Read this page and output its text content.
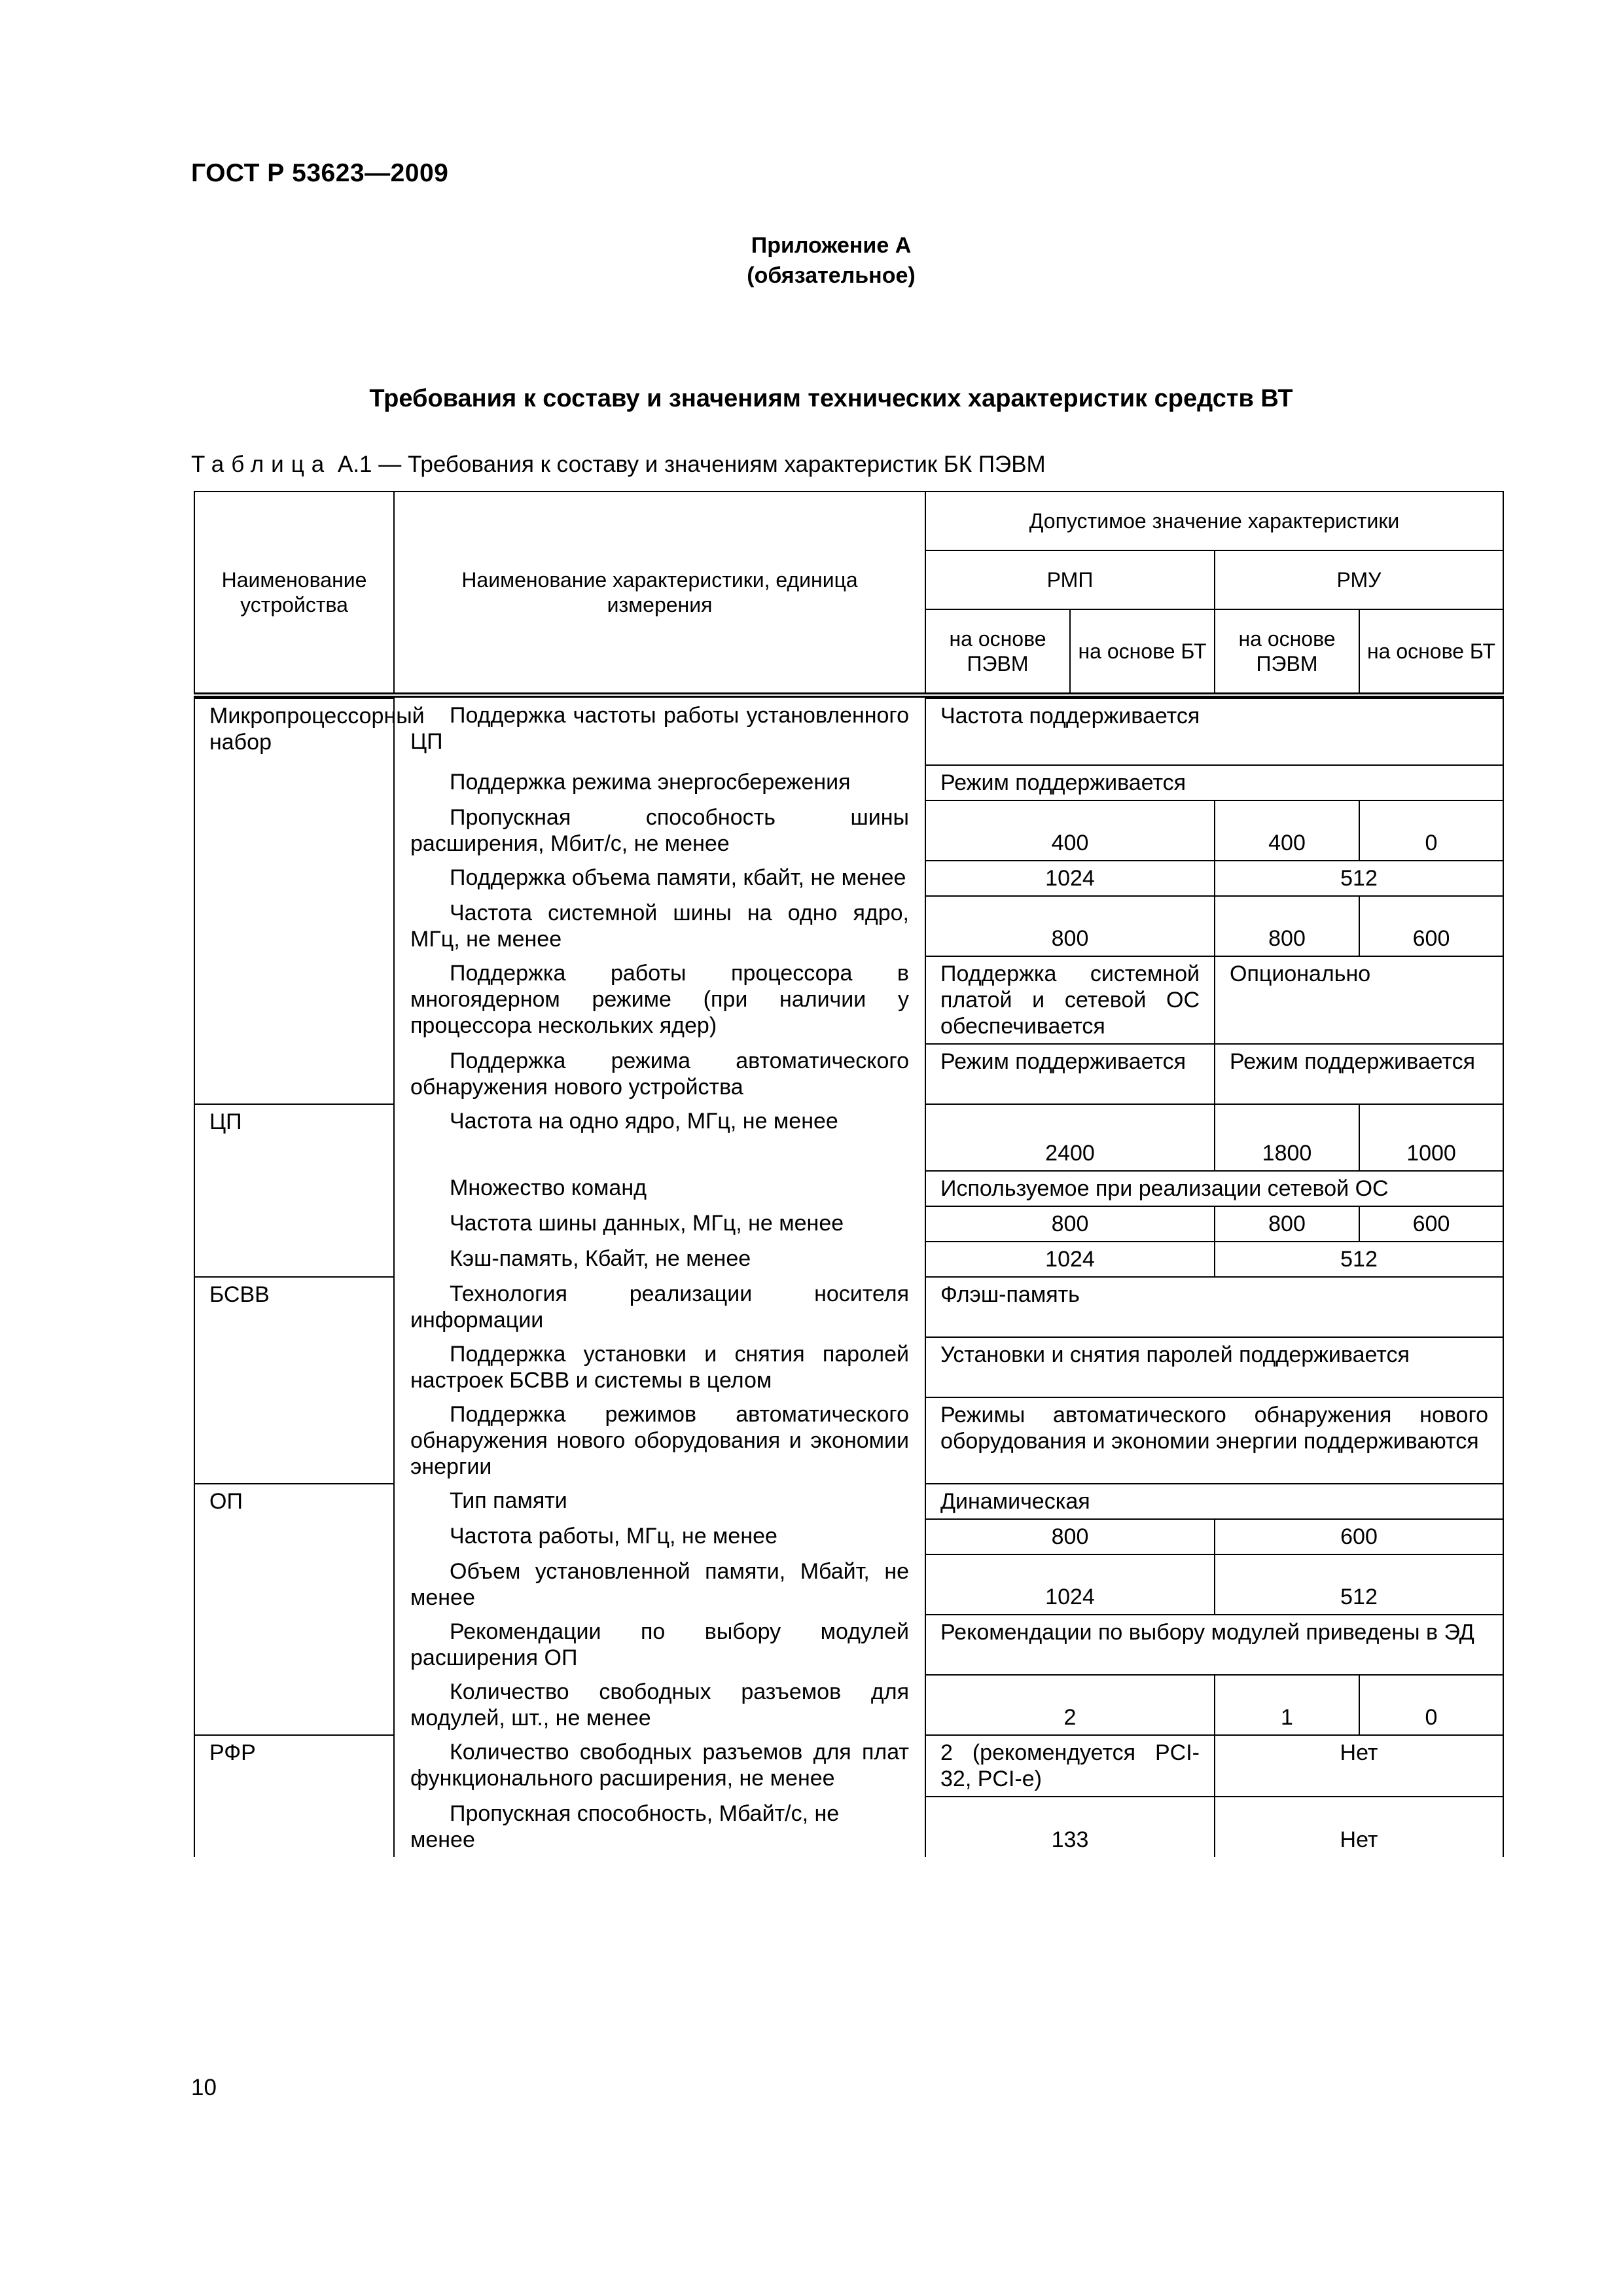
ГОСТ Р 53623—2009
Приложение А
(обязательное)
Требования к составу и значениям технических характеристик средств ВТ
Таблица А.1 — Требования к составу и значениям характеристик БК ПЭВМ
Наименование устройства	Наименование характеристики, единица измерения	Допустимое значение характеристики			
		РМП		РМУ	
		на основе ПЭВМ	на основе БТ	на основе ПЭВМ	на основе БТ

Микропроцессорный набор	Поддержка частоты работы установленного ЦП	Частота поддерживается			
	Поддержка режима энергосбережения	Режим поддерживается			
	Пропускная способность шины расширения, Мбит/с, не менее	400		400	0
	Поддержка объема памяти, кбайт, не менее	1024		512	
	Частота системной шины на одно ядро, МГц, не менее	800		800	600
	Поддержка работы процессора в многоядерном режиме (при наличии у процессора нескольких ядер)	Поддержка системной платой и сетевой ОС обеспечивается		Опционально	
	Поддержка режима автоматического обнаружения нового устройства	Режим поддерживается		Режим поддерживается	
ЦП	Частота на одно ядро, МГц, не менее	2400		1800	1000
	Множество команд	Используемое при реализации сетевой ОС			
	Частота шины данных, МГц, не менее	800		800	600
	Кэш-память, Кбайт, не менее	1024		512	
БСВВ	Технология реализации носителя информации	Флэш-память			
	Поддержка установки и снятия паролей настроек БСВВ и системы в целом	Установки и снятия паролей поддерживается			
	Поддержка режимов автоматического обнаружения нового оборудования и экономии энергии	Режимы автоматического обнаружения нового оборудования и экономии энергии поддерживаются			
ОП	Тип памяти	Динамическая			
	Частота работы, МГц, не менее	800		600	
	Объем установленной памяти, Мбайт, не менее	1024		512	
	Рекомендации по выбору модулей расширения ОП	Рекомендации по выбору модулей приведены в ЭД			
	Количество свободных разъемов для модулей, шт., не менее	2		1	0
РФР	Количество свободных разъемов для плат функционального расширения, не менее	2 (рекомендуется PCI-32, PCI-e)		Нет	
	Пропускная способность, Мбайт/с, не менее	133		Нет	
10
